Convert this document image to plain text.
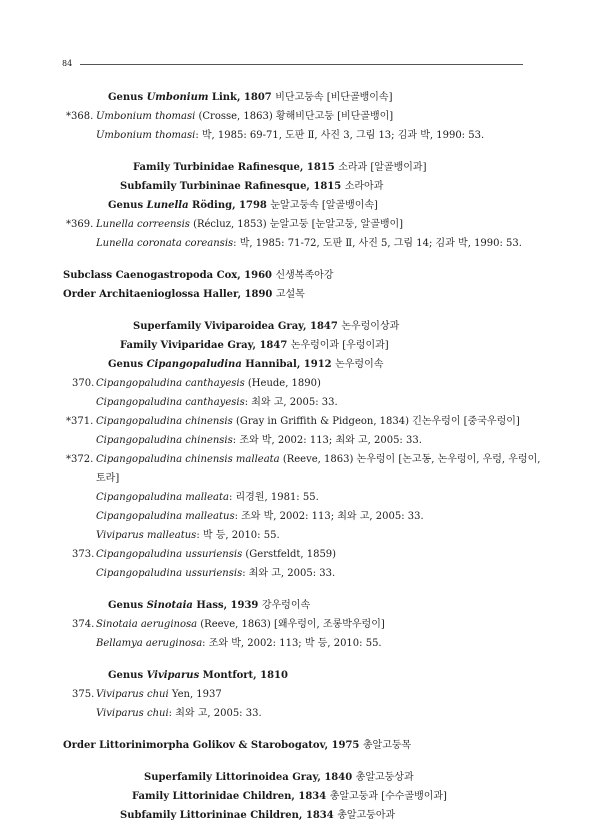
84
Genus Umbonium Link, 1807 비단고둥속 [비단골뱅이속]
*368. Umbonium thomasi (Crosse, 1863) 황해비단고둥 [비단골뱅이]
Umbonium thomasi: 박, 1985: 69-71, 도판 Ⅱ, 사진 3, 그림 13; 김과 박, 1990: 53.
Family Turbinidae Rafinesque, 1815 소라과 [알골뱅이과]
Subfamily Turbininae Rafinesque, 1815 소라아과
Genus Lunella Röding, 1798 눈알고둥속 [알골뱅이속]
*369. Lunella correensis (Récluz, 1853) 눈알고둥 [눈알고둥, 알골뱅이]
Lunella coronata coreansis: 박, 1985: 71-72, 도판 Ⅱ, 사진 5, 그림 14; 김과 박, 1990: 53.
Subclass Caenogastropoda Cox, 1960 신생복족아강
Order Architaenioglossa Haller, 1890 고설목
Superfamily Viviparoidea Gray, 1847 논우렁이상과
Family Viviparidae Gray, 1847 논우렁이과 [우렁이과]
Genus Cipangopaludina Hannibal, 1912 논우렁이속
370. Cipangopaludina canthayesis (Heude, 1890)
Cipangopaludina canthayesis: 최와 고, 2005: 33.
*371. Cipangopaludina chinensis (Gray in Griffith & Pidgeon, 1834) 긴논우렁이 [중국우렁이]
Cipangopaludina chinensis: 조와 박, 2002: 113; 최와 고, 2005: 33.
*372. Cipangopaludina chinensis malleata (Reeve, 1863) 논우렁이 [논고동, 논우렁이, 우렁, 우렁이,
토라]
Cipangopaludina malleata: 리경원, 1981: 55.
Cipangopaludina malleatus: 조와 박, 2002: 113; 최와 고, 2005: 33.
Viviparus malleatus: 박 등, 2010: 55.
373. Cipangopaludina ussuriensis (Gerstfeldt, 1859)
Cipangopaludina ussuriensis: 최와 고, 2005: 33.
Genus Sinotaia Hass, 1939 강우렁이속
374. Sinotaia aeruginosa (Reeve, 1863) [왜우렁이, 조롱박우렁이]
Bellamya aeruginosa: 조와 박, 2002: 113; 박 등, 2010: 55.
Genus Viviparus Montfort, 1810
375. Viviparus chui Yen, 1937
Viviparus chui: 최와 고, 2005: 33.
Order Littorinimorpha Golikov & Starobogatov, 1975 총알고둥목
Superfamily Littorinoidea Gray, 1840 총알고둥상과
Family Littorinidae Children, 1834 총알고둥과 [수수골뱅이과]
Subfamily Littorininae Children, 1834 총알고둥아과
